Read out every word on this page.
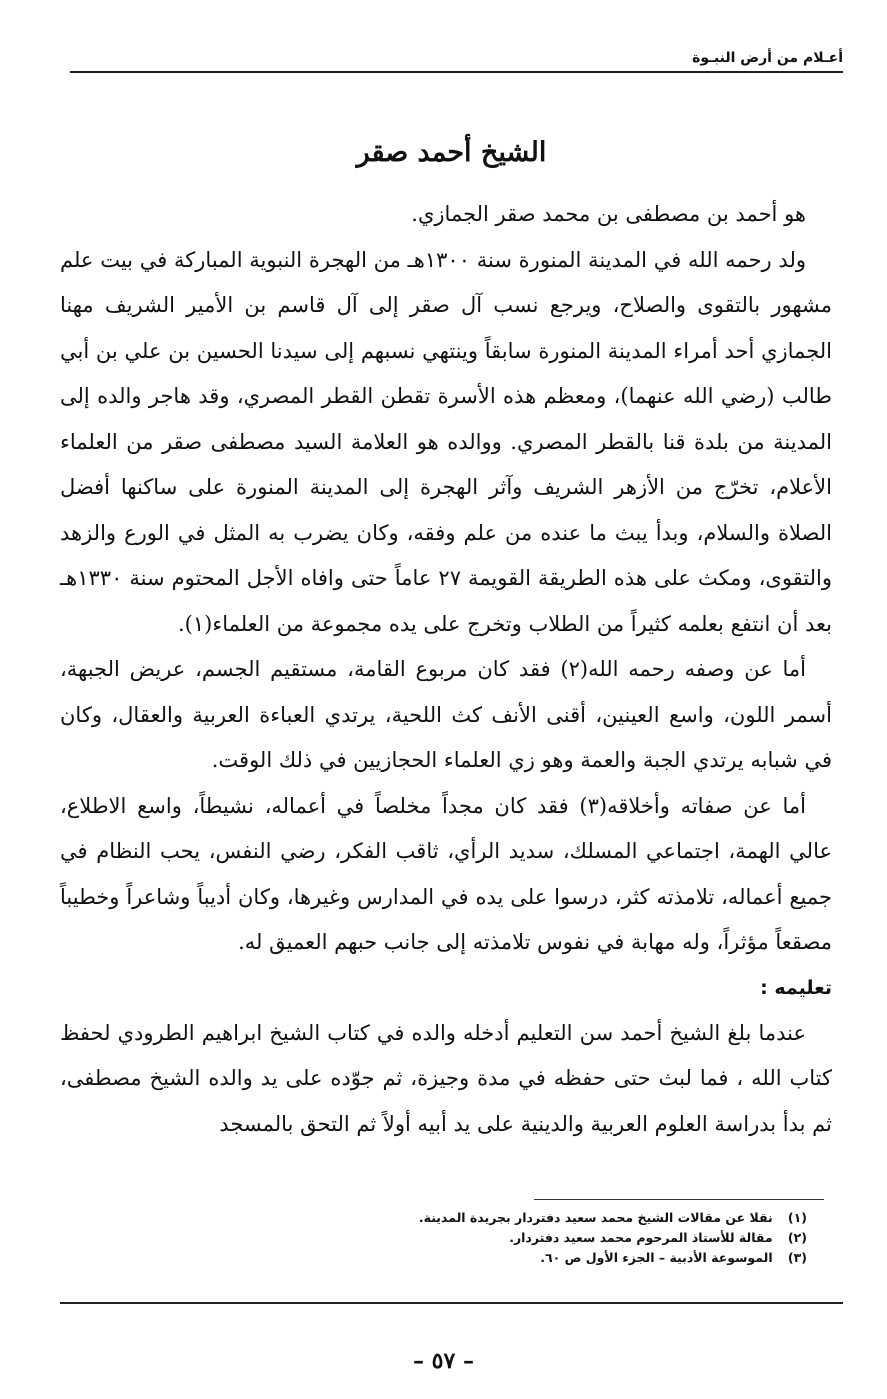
أعـلام من أرض النبـوة
الشيخ أحمد صقر

هو أحمد بن مصطفى بن محمد صقر الجمازي.

ولد رحمه الله في المدينة المنورة سنة ١٣٠٠هـ من الهجرة النبوية المباركة في بيت علم مشهور بالتقوى والصلاح، ويرجع نسب آل صقر إلى آل قاسم بن الأمير الشريف مهنا الجمازي أحد أمراء المدينة المنورة سابقاً وينتهي نسبهم إلى سيدنا الحسين بن علي بن أبي طالب (رضي الله عنهما)، ومعظم هذه الأسرة تقطن القطر المصري، وقد هاجر والده إلى المدينة من بلدة قنا بالقطر المصري. ووالده هو العلامة السيد مصطفى صقر من العلماء الأعلام، تخرّج من الأزهر الشريف وآثر الهجرة إلى المدينة المنورة على ساكنها أفضل الصلاة والسلام، وبدأ يبث ما عنده من علم وفقه، وكان يضرب به المثل في الورع والزهد والتقوى، ومكث على هذه الطريقة القويمة ٢٧ عاماً حتى وافاه الأجل المحتوم سنة ١٣٣٠هـ بعد أن انتفع بعلمه كثيراً من الطلاب وتخرج على يده مجموعة من العلماء(١).

أما عن وصفه رحمه الله(٢) فقد كان مربوع القامة، مستقيم الجسم، عريض الجبهة، أسمر اللون، واسع العينين، أقنى الأنف كث اللحية، يرتدي العباءة العربية والعقال، وكان في شبابه يرتدي الجبة والعمة وهو زي العلماء الحجازيين في ذلك الوقت.

أما عن صفاته وأخلاقه(٣) فقد كان مجداً مخلصاً في أعماله، نشيطاً، واسع الاطلاع، عالي الهمة، اجتماعي المسلك، سديد الرأي، ثاقب الفكر، رضي النفس، يحب النظام في جميع أعماله، تلامذته كثر، درسوا على يده في المدارس وغيرها، وكان أديباً وشاعراً وخطيباً مصقعاً مؤثراً، وله مهابة في نفوس تلامذته إلى جانب حبهم العميق له.

تعليمه :

عندما بلغ الشيخ أحمد سن التعليم أدخله والده في كتاب الشيخ ابراهيم الطرودي لحفظ كتاب الله ، فما لبث حتى حفظه في مدة وجيزة، ثم جوّده على يد والده الشيخ مصطفى، ثم بدأ بدراسة العلوم العربية والدينية على يد أبيه أولاً ثم التحق بالمسجد

(١) نقلا عن مقالات الشيخ محمد سعيد دفتردار بجريدة المدينة.
(٢) مقالة للأستاذ المرحوم محمد سعيد دفتردار.
(٣) الموسوعة الأدبية – الجزء الأول ص ٦٠.
– ٥٧ –
